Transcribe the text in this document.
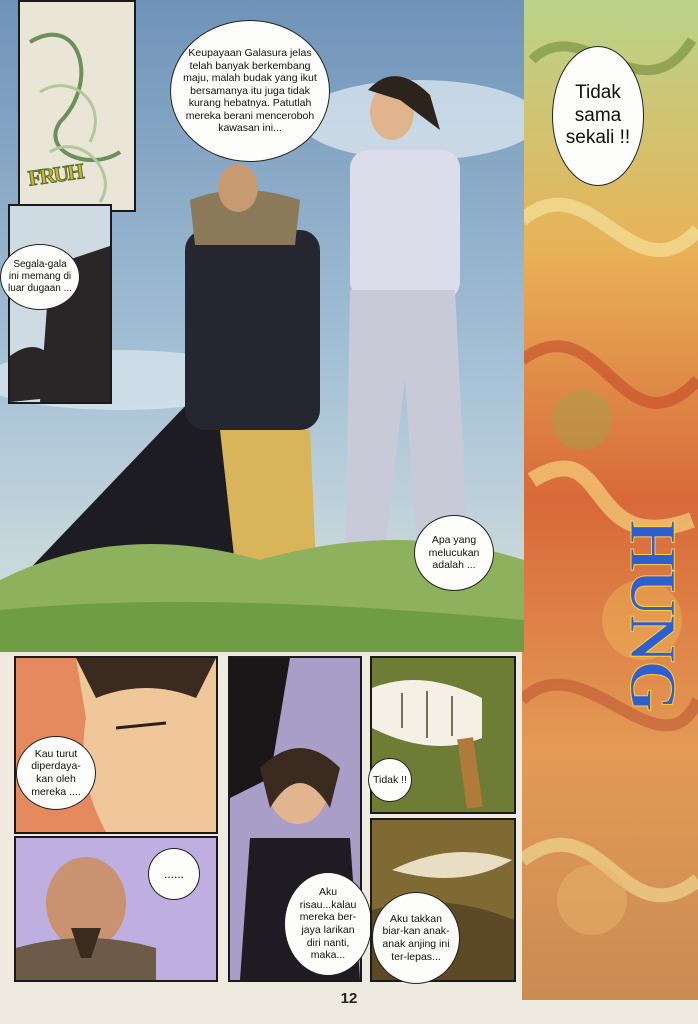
FRUH
Keupayaan Galasura jelas telah banyak berkembang maju, malah budak yang ikut bersamanya itu juga tidak kurang hebatnya. Patutlah mereka berani menceroboh kawasan ini...
Segala-gala ini memang di luar dugaan ...
Tidak sama sekali !!
Apa yang melucukan adalah ... HUNG
Kau turut diperdaya-kan oleh mereka ....
......
Aku risau...kalau mereka ber-jaya larikan diri nanti, maka...
Tidak !!
Aku takkan biar-kan anak-anak anjing ini ter-lepas...
12
